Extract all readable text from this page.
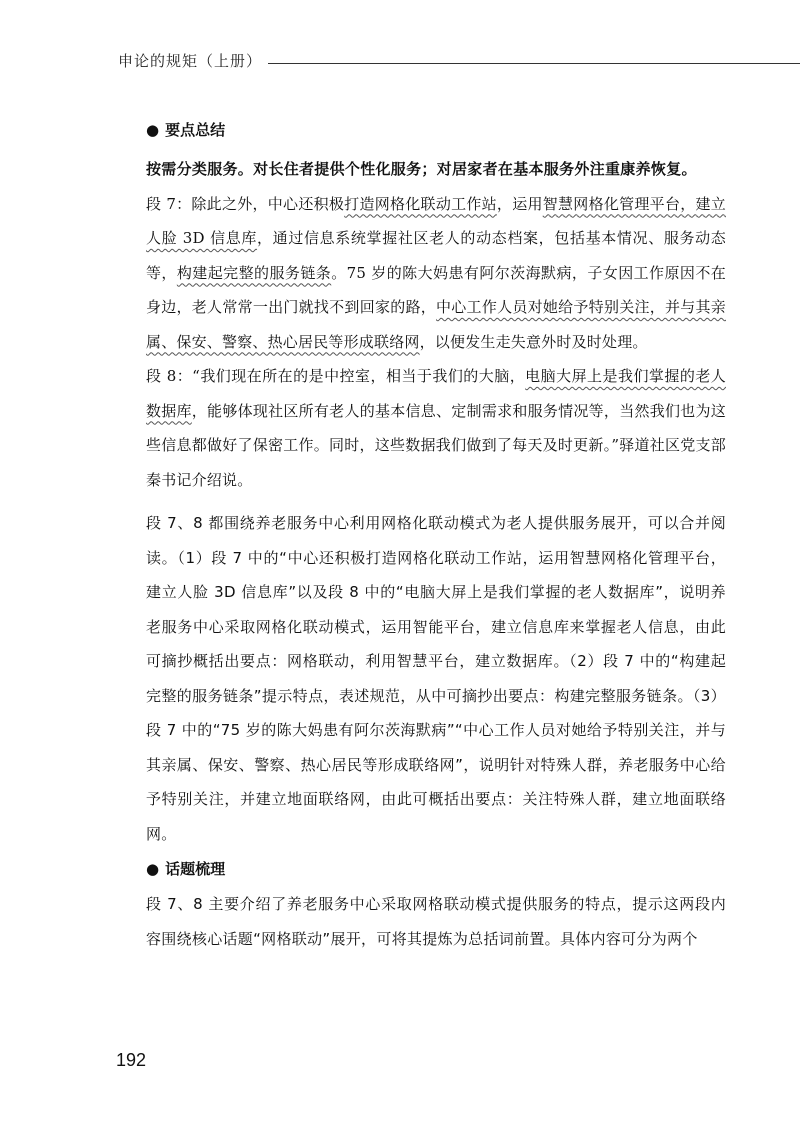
申论的规矩（上册）

● 要点总结

按需分类服务。对长住者提供个性化服务；对居家者在基本服务外注重康养恢复。

段 7：除此之外，中心还积极打造网格化联动工作站，运用智慧网格化管理平台，建立人脸 3D 信息库，通过信息系统掌握社区老人的动态档案，包括基本情况、服务动态等，构建起完整的服务链条。75 岁的陈大妈患有阿尔茨海默病，子女因工作原因不在身边，老人常常一出门就找不到回家的路，中心工作人员对她给予特别关注，并与其亲属、保安、警察、热心居民等形成联络网，以便发生走失意外时及时处理。

段 8：“我们现在所在的是中控室，相当于我们的大脑，电脑大屏上是我们掌握的老人数据库，能够体现社区所有老人的基本信息、定制需求和服务情况等，当然我们也为这些信息都做好了保密工作。同时，这些数据我们做到了每天及时更新。”驿道社区党支部秦书记介绍说。

段 7、8 都围绕养老服务中心利用网格化联动模式为老人提供服务展开，可以合并阅读。（1）段 7 中的“中心还积极打造网格化联动工作站，运用智慧网格化管理平台，建立人脸 3D 信息库”以及段 8 中的“电脑大屏上是我们掌握的老人数据库”，说明养老服务中心采取网格化联动模式，运用智能平台，建立信息库来掌握老人信息，由此可摘抄概括出要点：网格联动，利用智慧平台，建立数据库。（2）段 7 中的“构建起完整的服务链条”提示特点，表述规范，从中可摘抄出要点：构建完整服务链条。（3）段 7 中的“75 岁的陈大妈患有阿尔茨海默病”“中心工作人员对她给予特别关注，并与其亲属、保安、警察、热心居民等形成联络网”，说明针对特殊人群，养老服务中心给予特别关注，并建立地面联络网，由此可概括出要点：关注特殊人群，建立地面联络网。

● 话题梳理

段 7、8 主要介绍了养老服务中心采取网格联动模式提供服务的特点，提示这两段内容围绕核心话题“网格联动”展开，可将其提炼为总括词前置。具体内容可分为两个

192
